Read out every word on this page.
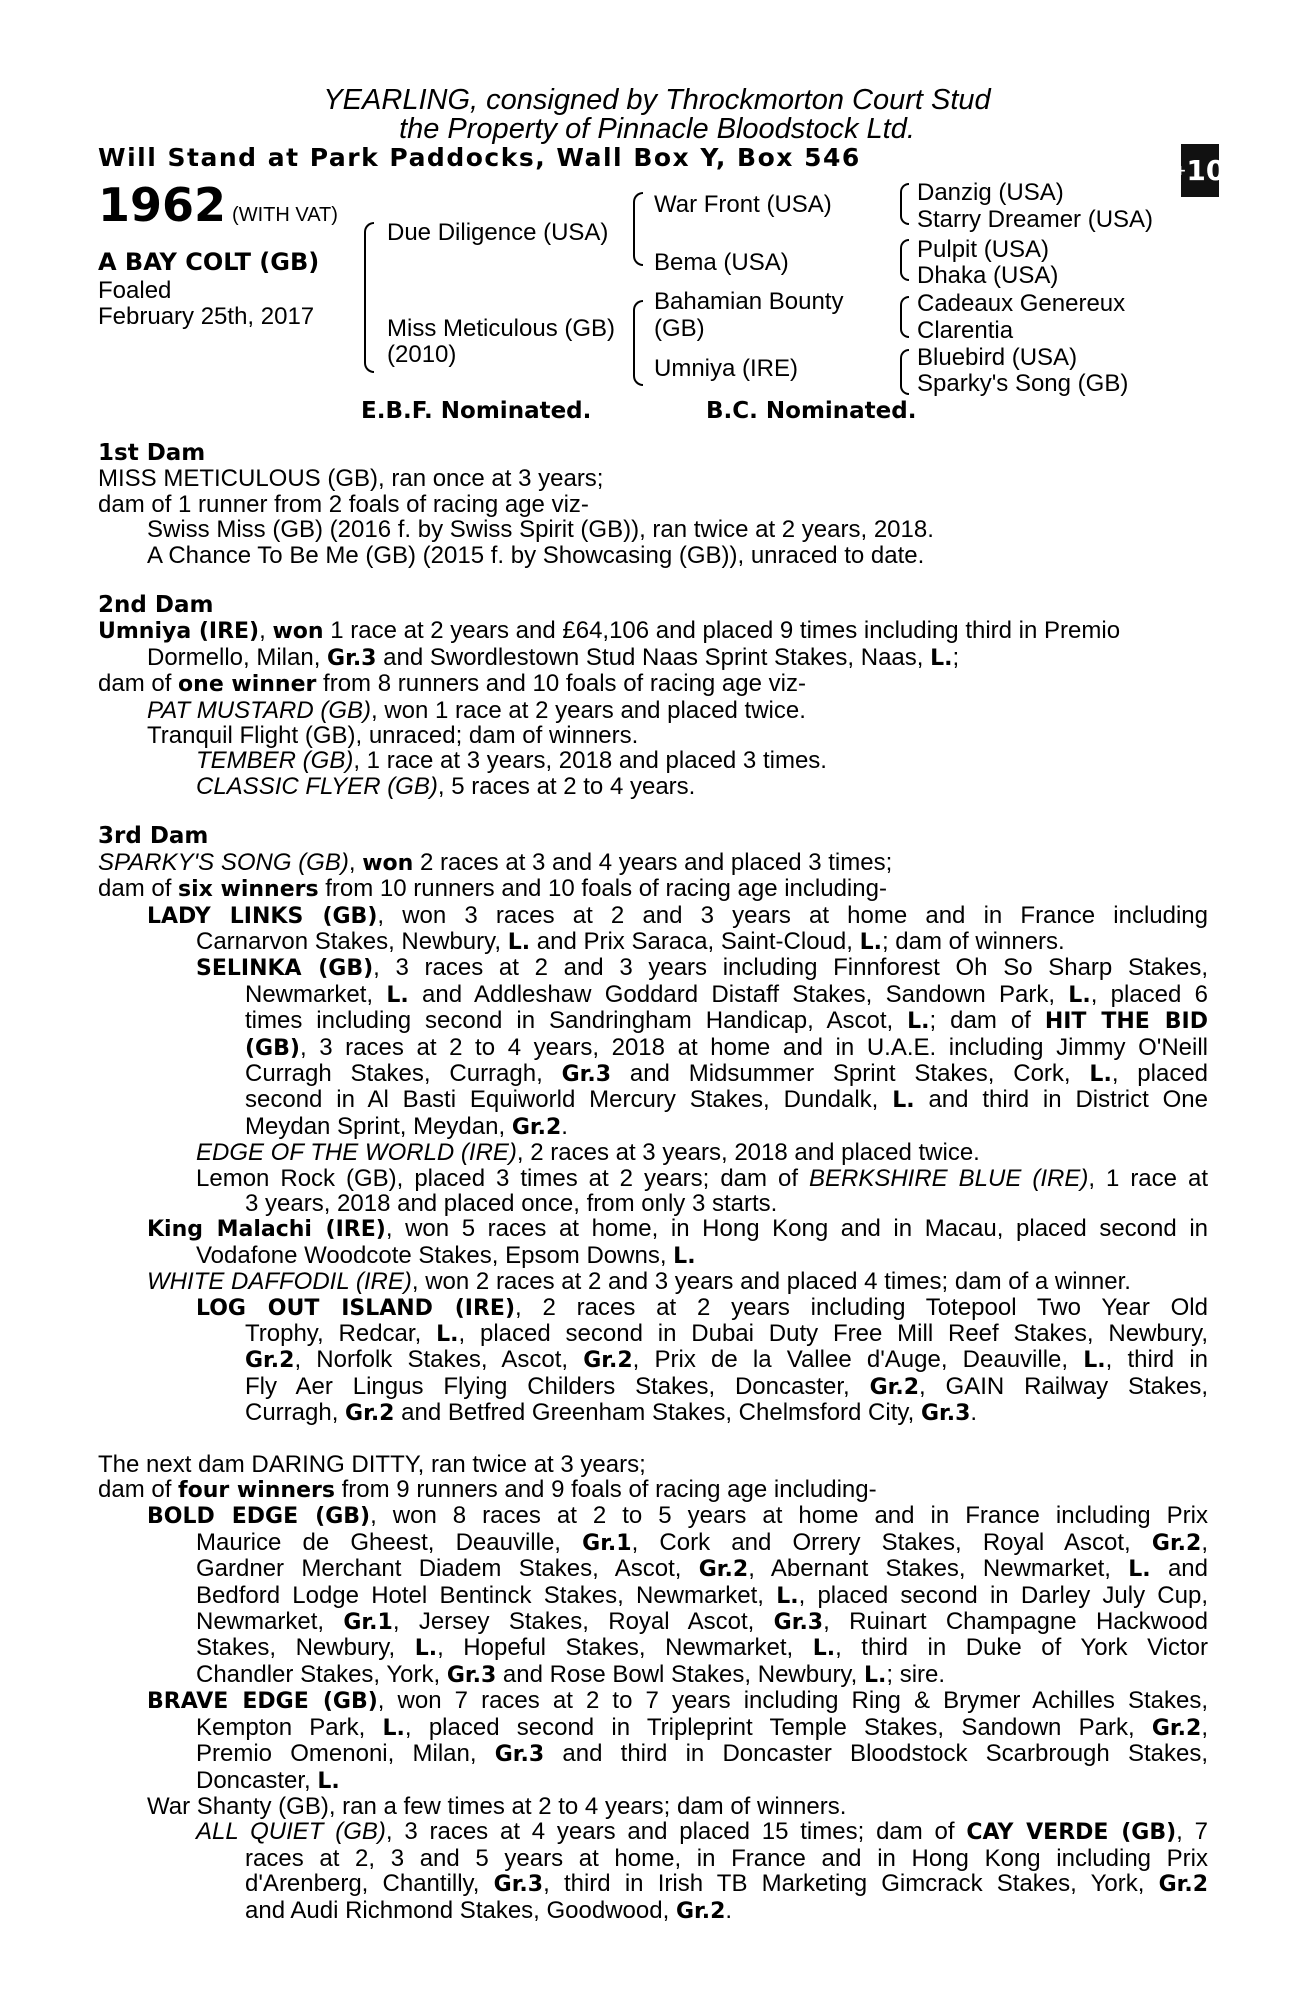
YEARLING, consigned by Throckmorton Court Stud
the Property of Pinnacle Bloodstock Ltd.
Will Stand at Park Paddocks, Wall Box Y, Box 546	+ 10
1962 (WITH VAT)
A BAY COLT (GB)
Foaled
February 25th, 2017
Due Diligence (USA)
Miss Meticulous (GB)
(2010)
War Front (USA)
Bema (USA)
Bahamian Bounty
(GB)
Umniya (IRE)
Danzig (USA)
Starry Dreamer (USA)
Pulpit (USA)
Dhaka (USA)
Cadeaux Genereux
Clarentia
Bluebird (USA)
Sparky's Song (GB)
E.B.F. Nominated.	B.C. Nominated.
1st Dam
MISS METICULOUS (GB), ran once at 3 years;
dam of 1 runner from 2 foals of racing age viz-
Swiss Miss (GB) (2016 f. by Swiss Spirit (GB)), ran twice at 2 years, 2018.
A Chance To Be Me (GB) (2015 f. by Showcasing (GB)), unraced to date.
2nd Dam
Umniya (IRE), won 1 race at 2 years and £64,106 and placed 9 times including third in Premio
Dormello, Milan, Gr.3 and Swordlestown Stud Naas Sprint Stakes, Naas, L.;
dam of one winner from 8 runners and 10 foals of racing age viz-
PAT MUSTARD (GB), won 1 race at 2 years and placed twice.
Tranquil Flight (GB), unraced; dam of winners.
TEMBER (GB), 1 race at 3 years, 2018 and placed 3 times.
CLASSIC FLYER (GB), 5 races at 2 to 4 years.
3rd Dam
SPARKY'S SONG (GB), won 2 races at 3 and 4 years and placed 3 times;
dam of six winners from 10 runners and 10 foals of racing age including-
LADY LINKS (GB), won 3 races at 2 and 3 years at home and in France including
Carnarvon Stakes, Newbury, L. and Prix Saraca, Saint-Cloud, L.; dam of winners.
SELINKA (GB), 3 races at 2 and 3 years including Finnforest Oh So Sharp Stakes,
Newmarket, L. and Addleshaw Goddard Distaff Stakes, Sandown Park, L., placed 6
times including second in Sandringham Handicap, Ascot, L.; dam of HIT THE BID
(GB), 3 races at 2 to 4 years, 2018 at home and in U.A.E. including Jimmy O'Neill
Curragh Stakes, Curragh, Gr.3 and Midsummer Sprint Stakes, Cork, L., placed
second in Al Basti Equiworld Mercury Stakes, Dundalk, L. and third in District One
Meydan Sprint, Meydan, Gr.2.
EDGE OF THE WORLD (IRE), 2 races at 3 years, 2018 and placed twice.
Lemon Rock (GB), placed 3 times at 2 years; dam of BERKSHIRE BLUE (IRE), 1 race at
3 years, 2018 and placed once, from only 3 starts.
King Malachi (IRE), won 5 races at home, in Hong Kong and in Macau, placed second in
Vodafone Woodcote Stakes, Epsom Downs, L.
WHITE DAFFODIL (IRE), won 2 races at 2 and 3 years and placed 4 times; dam of a winner.
LOG OUT ISLAND (IRE), 2 races at 2 years including Totepool Two Year Old
Trophy, Redcar, L., placed second in Dubai Duty Free Mill Reef Stakes, Newbury,
Gr.2, Norfolk Stakes, Ascot, Gr.2, Prix de la Vallee d'Auge, Deauville, L., third in
Fly Aer Lingus Flying Childers Stakes, Doncaster, Gr.2, GAIN Railway Stakes,
Curragh, Gr.2 and Betfred Greenham Stakes, Chelmsford City, Gr.3.
The next dam DARING DITTY, ran twice at 3 years;
dam of four winners from 9 runners and 9 foals of racing age including-
BOLD EDGE (GB), won 8 races at 2 to 5 years at home and in France including Prix
Maurice de Gheest, Deauville, Gr.1, Cork and Orrery Stakes, Royal Ascot, Gr.2,
Gardner Merchant Diadem Stakes, Ascot, Gr.2, Abernant Stakes, Newmarket, L. and
Bedford Lodge Hotel Bentinck Stakes, Newmarket, L., placed second in Darley July Cup,
Newmarket, Gr.1, Jersey Stakes, Royal Ascot, Gr.3, Ruinart Champagne Hackwood
Stakes, Newbury, L., Hopeful Stakes, Newmarket, L., third in Duke of York Victor
Chandler Stakes, York, Gr.3 and Rose Bowl Stakes, Newbury, L.; sire.
BRAVE EDGE (GB), won 7 races at 2 to 7 years including Ring & Brymer Achilles Stakes,
Kempton Park, L., placed second in Tripleprint Temple Stakes, Sandown Park, Gr.2,
Premio Omenoni, Milan, Gr.3 and third in Doncaster Bloodstock Scarbrough Stakes,
Doncaster, L.
War Shanty (GB), ran a few times at 2 to 4 years; dam of winners.
ALL QUIET (GB), 3 races at 4 years and placed 15 times; dam of CAY VERDE (GB), 7
races at 2, 3 and 5 years at home, in France and in Hong Kong including Prix
d'Arenberg, Chantilly, Gr.3, third in Irish TB Marketing Gimcrack Stakes, York, Gr.2
and Audi Richmond Stakes, Goodwood, Gr.2.
